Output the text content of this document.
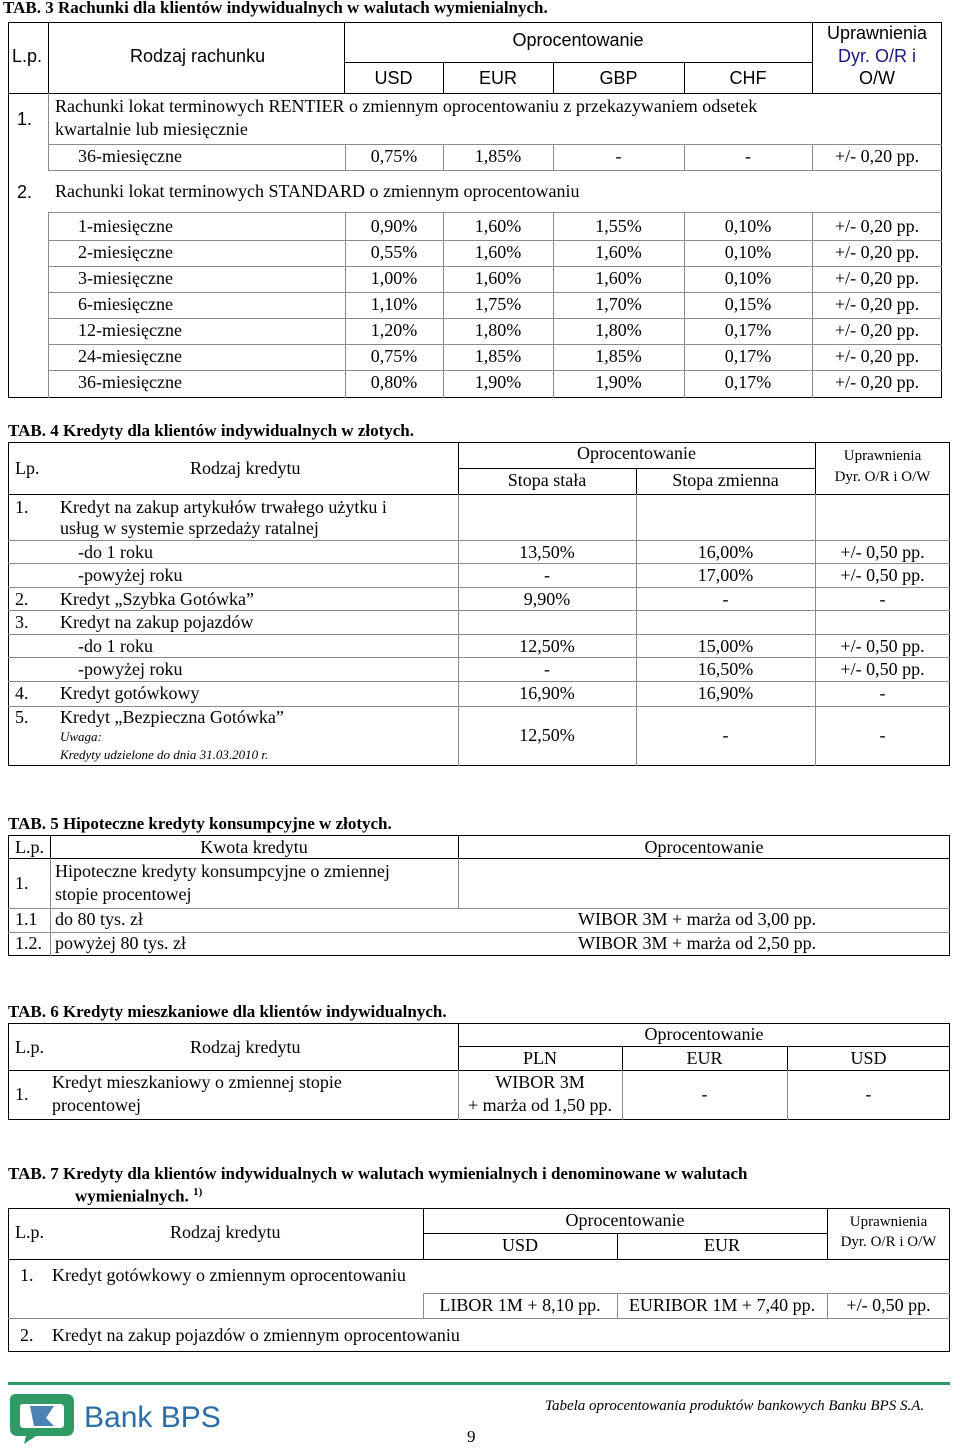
TAB. 3 Rachunki dla klientów indywidualnych w walutach wymienialnych.
L.p.	Rodzaj rachunku
Oprocentowanie	Uprawnienia
Dyr. O/R i
O/W
USD	EUR	GBP	CHF
1.
Rachunki lokat terminowych RENTIER o zmiennym oprocentowaniu z przekazywaniem odsetek
kwartalnie lub miesięcznie
36-miesięczne	0,75%	1,85%	-	-	+/- 0,20 pp.
2. Rachunki lokat terminowych STANDARD o zmiennym oprocentowaniu
1-miesięczne	0,90%	1,60%	1,55%	0,10%	+/- 0,20 pp.
2-miesięczne	0,55%	1,60%	1,60%	0,10%	+/- 0,20 pp.
3-miesięczne	1,00%	1,60%	1,60%	0,10%	+/- 0,20 pp.
6-miesięczne	1,10%	1,75%	1,70%	0,15%	+/- 0,20 pp.
12-miesięczne	1,20%	1,80%	1,80%	0,17%	+/- 0,20 pp.
24-miesięczne	0,75%	1,85%	1,85%	0,17%	+/- 0,20 pp.
36-miesięczne	0,80%	1,90%	1,90%	0,17%	+/- 0,20 pp.
TAB. 4 Kredyty dla klientów indywidualnych w złotych.
Lp.	Rodzaj kredytu
Oprocentowanie
Stopa stała	Stopa zmienna
Uprawnienia
Dyr. O/R i O/W
1. Kredyt na zakup artykułów trwałego użytku i
usług w systemie sprzedaży ratalnej
-do 1 roku	13,50%	16,00%	+/- 0,50 pp.
-powyżej roku	-	17,00%	+/- 0,50 pp.
2. Kredyt „Szybka Gotówka”	9,90%	-	-
3. Kredyt na zakup pojazdów
-do 1 roku	12,50%	15,00%	+/- 0,50 pp.
-powyżej roku	-	16,50%	+/- 0,50 pp.
4. Kredyt gotówkowy	16,90%	16,90%	-
5. Kredyt „Bezpieczna Gotówka”
Uwaga:
Kredyty udzielone do dnia 31.03.2010 r.
12,50%	-	-
TAB. 5 Hipoteczne kredyty konsumpcyjne w złotych.
L.p.	Kwota kredytu	Oprocentowanie
1.
Hipoteczne kredyty konsumpcyjne o zmiennej
stopie procentowej
1.1 do 80 tys. zł	WIBOR 3M + marża od 3,00 pp.
1.2. powyżej 80 tys. zł	WIBOR 3M + marża od 2,50 pp.
TAB. 6 Kredyty mieszkaniowe dla klientów indywidualnych.
L.p.	Rodzaj kredytu
Oprocentowanie
PLN	EUR	USD
1.
Kredyt mieszkaniowy o zmiennej stopie
procentowej
WIBOR 3M
+ marża od 1,50 pp.
-	-
TAB. 7 Kredyty dla klientów indywidualnych w walutach wymienialnych i denominowane w walutach
wymienialnych. $^{1)}$
L.p.	Rodzaj kredytu
Oprocentowanie
USD	EUR
Uprawnienia
Dyr. O/R i O/W
1. Kredyt gotówkowy o zmiennym oprocentowaniu
LIBOR 1M + 8,10 pp.	EURIBOR 1M + 7,40 pp.	+/- 0,50 pp.
2. Kredyt na zakup pojazdów o zmiennym oprocentowaniu
Bank BPS	Tabela oprocentowania produktów bankowych Banku BPS S.A.
9
